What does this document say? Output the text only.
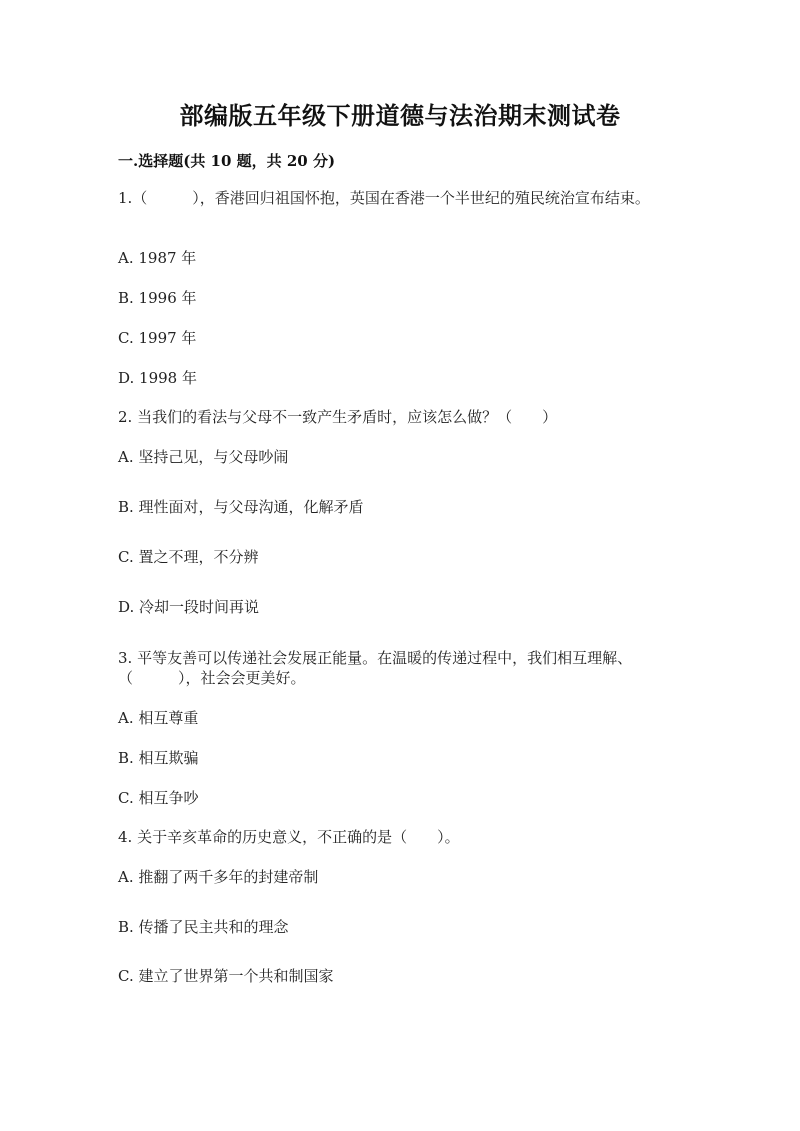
部编版五年级下册道德与法治期末测试卷
一.选择题(共 10 题，共 20 分)
1.（　　　），香港回归祖国怀抱，英国在香港一个半世纪的殖民统治宣布结束。
A. 1987 年
B. 1996 年
C. 1997 年
D. 1998 年
2. 当我们的看法与父母不一致产生矛盾时，应该怎么做？（　　）
A. 坚持己见，与父母吵闹
B. 理性面对，与父母沟通，化解矛盾
C. 置之不理，不分辨
D. 冷却一段时间再说
3. 平等友善可以传递社会发展正能量。在温暖的传递过程中，我们相互理解、（　　　），社会会更美好。
A. 相互尊重
B. 相互欺骗
C. 相互争吵
4. 关于辛亥革命的历史意义，不正确的是（　　）。
A. 推翻了两千多年的封建帝制
B. 传播了民主共和的理念
C. 建立了世界第一个共和制国家
